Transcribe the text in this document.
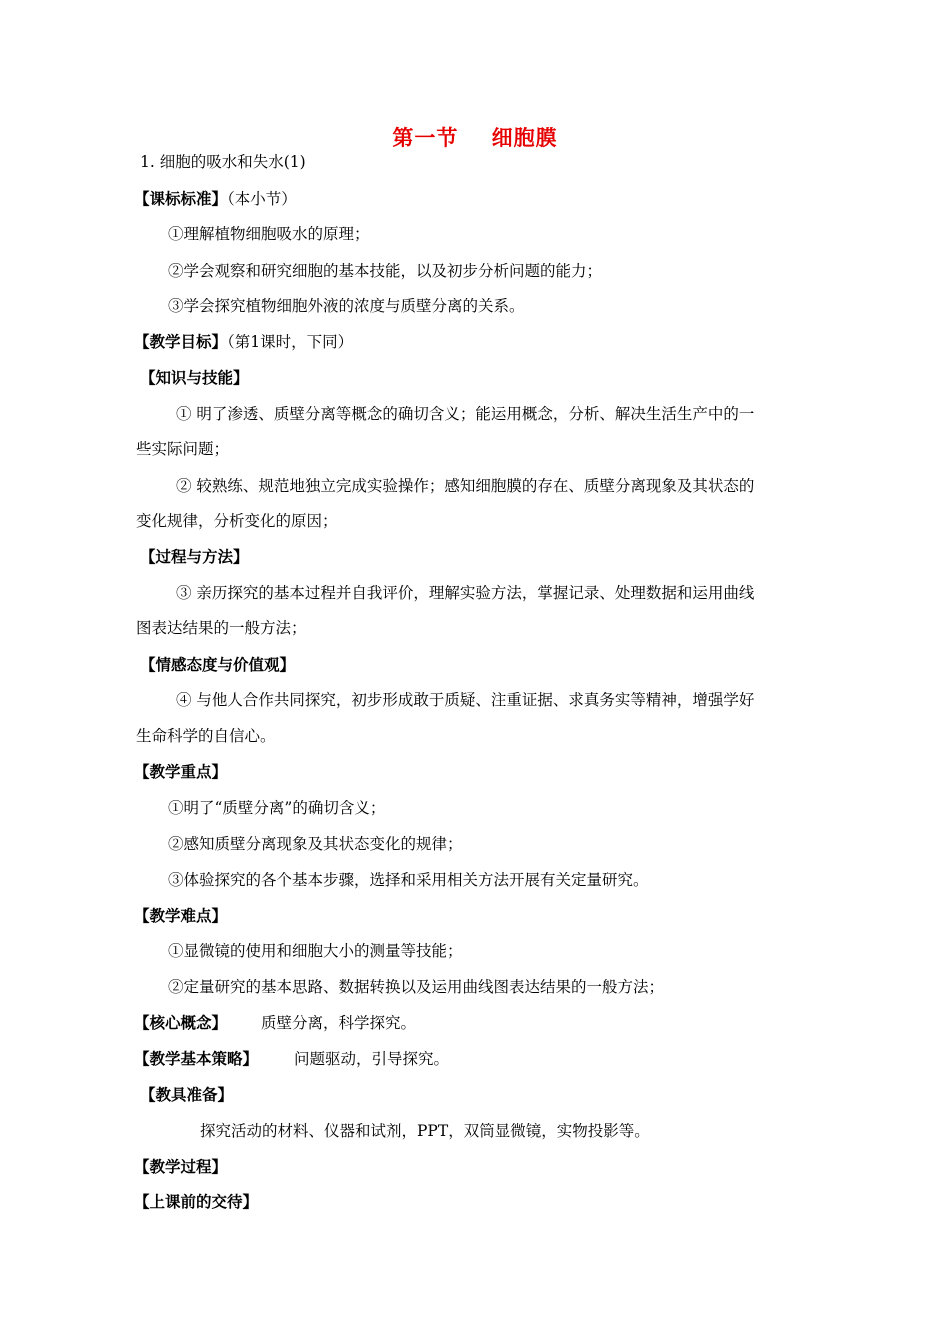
第一节    细胞膜
1. 细胞的吸水和失水(1)
【课标标准】（本小节）
①理解植物细胞吸水的原理；
②学会观察和研究细胞的基本技能，以及初步分析问题的能力；
③学会探究植物细胞外液的浓度与质壁分离的关系。
【教学目标】（第1课时，下同）
【知识与技能】
① 明了渗透、质壁分离等概念的确切含义；能运用概念，分析、解决生活生产中的一
些实际问题；
② 较熟练、规范地独立完成实验操作；感知细胞膜的存在、质壁分离现象及其状态的
变化规律，分析变化的原因；
【过程与方法】
③ 亲历探究的基本过程并自我评价，理解实验方法，掌握记录、处理数据和运用曲线
图表达结果的一般方法；
【情感态度与价值观】
④ 与他人合作共同探究，初步形成敢于质疑、注重证据、求真务实等精神，增强学好
生命科学的自信心。
【教学重点】
①明了“质壁分离”的确切含义；
②感知质壁分离现象及其状态变化的规律；
③体验探究的各个基本步骤，选择和采用相关方法开展有关定量研究。
【教学难点】
①显微镜的使用和细胞大小的测量等技能；
②定量研究的基本思路、数据转换以及运用曲线图表达结果的一般方法；
【核心概念】 质壁分离，科学探究。
【教学基本策略】 问题驱动，引导探究。
【教具准备】
探究活动的材料、仪器和试剂，PPT，双筒显微镜，实物投影等。
【教学过程】
【上课前的交待】
